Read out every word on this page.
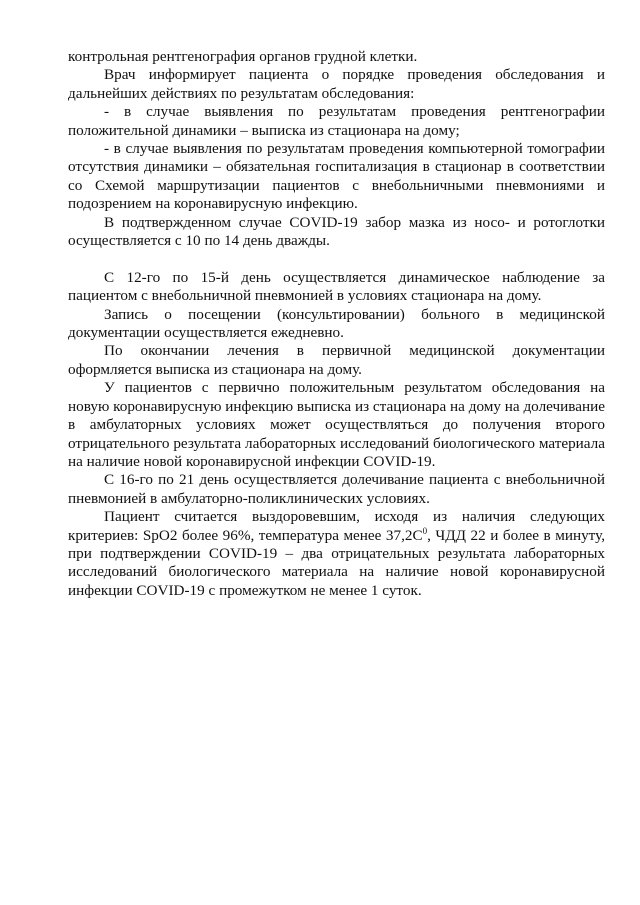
контрольная рентгенография органов грудной клетки.

Врач информирует пациента о порядке проведения обследования и дальнейших действиях по результатам обследования:

- в случае выявления по результатам проведения рентгенографии положительной динамики – выписка из стационара на дому;

- в случае выявления по результатам проведения компьютерной томографии отсутствия динамики – обязательная госпитализация в стационар в соответствии со Схемой маршрутизации пациентов с внебольничными пневмониями и подозрением на коронавирусную инфекцию.

В подтвержденном случае COVID-19 забор мазка из носо- и ротоглотки осуществляется с 10 по 14 день дважды.

С 12-го по 15-й день осуществляется динамическое наблюдение за пациентом с внебольничной пневмонией в условиях стационара на дому.

Запись о посещении (консультировании) больного в медицинской документации осуществляется ежедневно.

По окончании лечения в первичной медицинской документации оформляется выписка из стационара на дому.

У пациентов с первично положительным результатом обследования на новую коронавирусную инфекцию выписка из стационара на дому на долечивание в амбулаторных условиях может осуществляться до получения второго отрицательного результата лабораторных исследований биологического материала на наличие новой коронавирусной инфекции COVID-19.

С 16-го по 21 день осуществляется долечивание пациента с внебольничной пневмонией в амбулаторно-поликлинических условиях.

Пациент считается выздоровевшим, исходя из наличия следующих критериев: SpO2 более 96%, температура менее $37,2С^0$, ЧДД 22 и более в минуту, при подтверждении COVID-19 – два отрицательных результата лабораторных исследований биологического материала на наличие новой коронавирусной инфекции COVID-19 с промежутком не менее 1 суток.
